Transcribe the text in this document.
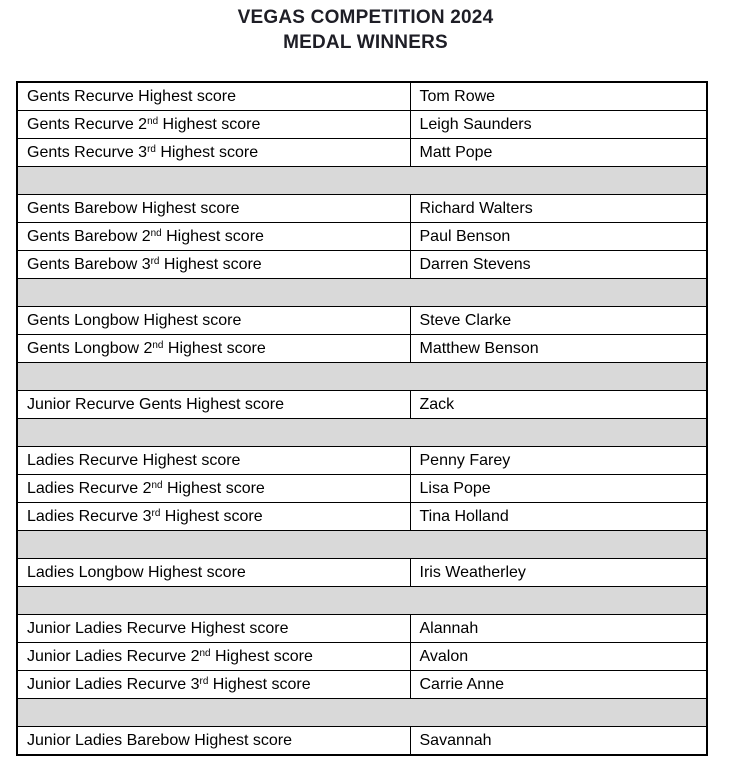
VEGAS COMPETITION 2024
MEDAL WINNERS
Gents Recurve Highest score	Tom Rowe
Gents Recurve 2nd Highest score	Leigh Saunders
Gents Recurve 3rd Highest score	Matt Pope

Gents Barebow Highest score	Richard Walters
Gents Barebow 2nd Highest score	Paul Benson
Gents Barebow 3rd Highest score	Darren Stevens

Gents Longbow Highest score	Steve Clarke
Gents Longbow 2nd Highest score	Matthew Benson

Junior Recurve Gents Highest score	Zack

Ladies Recurve Highest score	Penny Farey
Ladies Recurve 2nd Highest score	Lisa Pope
Ladies Recurve 3rd Highest score	Tina Holland

Ladies Longbow Highest score	Iris Weatherley

Junior Ladies Recurve Highest score	Alannah
Junior Ladies Recurve 2nd Highest score	Avalon
Junior Ladies Recurve 3rd Highest score	Carrie Anne

Junior Ladies Barebow Highest score	Savannah
